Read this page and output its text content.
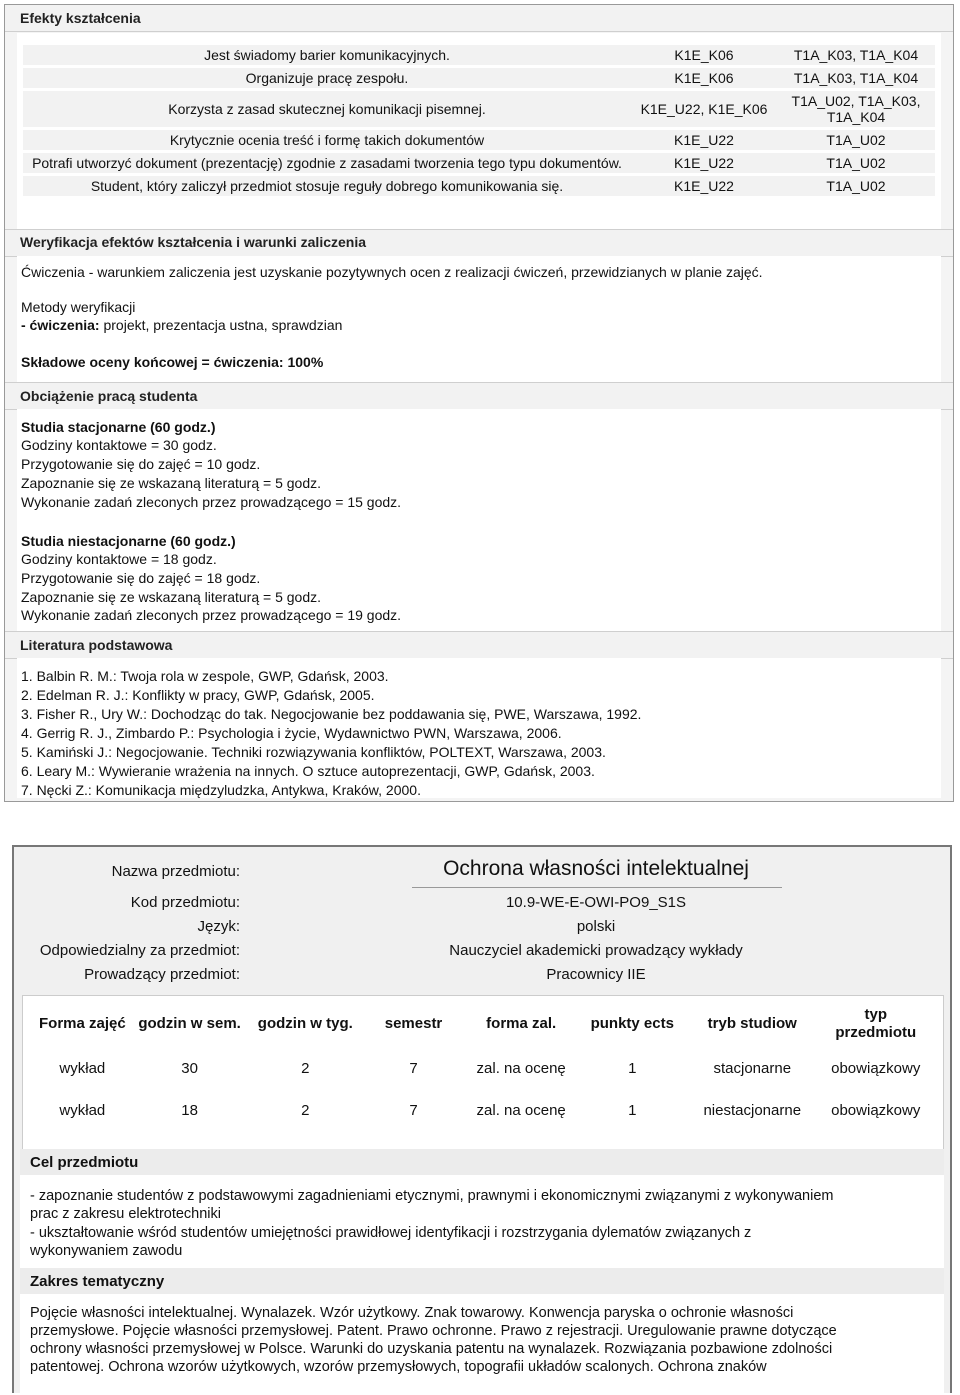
Efekty kształcenia
Jest świadomy barier komunikacyjnych.	K1E_K06	T1A_K03, T1A_K04
Organizuje pracę zespołu.	K1E_K06	T1A_K03, T1A_K04
Korzysta z zasad skutecznej komunikacji pisemnej.	K1E_U22, K1E_K06	T1A_U02, T1A_K03, T1A_K04
Krytycznie ocenia treść i formę takich dokumentów	K1E_U22	T1A_U02
Potrafi utworzyć dokument (prezentację) zgodnie z zasadami tworzenia tego typu dokumentów.	K1E_U22	T1A_U02
Student, który zaliczył przedmiot stosuje reguły dobrego komunikowania się.	K1E_U22	T1A_U02
Weryfikacja efektów kształcenia i warunki zaliczenia
Ćwiczenia - warunkiem zaliczenia jest uzyskanie pozytywnych ocen z realizacji ćwiczeń, przewidzianych w planie zajęć.
Metody weryfikacji
- ćwiczenia: projekt, prezentacja ustna, sprawdzian
Składowe oceny końcowej = ćwiczenia: 100%
Obciążenie pracą studenta
Studia stacjonarne (60 godz.)
Godziny kontaktowe = 30 godz.
Przygotowanie się do zajęć = 10 godz.
Zapoznanie się ze wskazaną literaturą = 5 godz.
Wykonanie zadań zleconych przez prowadzącego = 15 godz.
Studia niestacjonarne (60 godz.)
Godziny kontaktowe = 18 godz.
Przygotowanie się do zajęć = 18 godz.
Zapoznanie się ze wskazaną literaturą = 5 godz.
Wykonanie zadań zleconych przez prowadzącego = 19 godz.
Literatura podstawowa
1. Balbin R. M.: Twoja rola w zespole, GWP, Gdańsk, 2003.
2. Edelman R. J.: Konflikty w pracy, GWP, Gdańsk, 2005.
3. Fisher R., Ury W.: Dochodząc do tak. Negocjowanie bez poddawania się, PWE, Warszawa, 1992.
4. Gerrig R. J., Zimbardo P.: Psychologia i życie, Wydawnictwo PWN, Warszawa, 2006.
5. Kamiński J.: Negocjowanie. Techniki rozwiązywania konfliktów, POLTEXT, Warszawa, 2003.
6. Leary M.: Wywieranie wrażenia na innych. O sztuce autoprezentacji, GWP, Gdańsk, 2003.
7. Nęcki Z.: Komunikacja międzyludzka, Antykwa, Kraków, 2000.
Nazwa przedmiotu:	Ochrona własności intelektualnej
Kod przedmiotu:	10.9-WE-E-OWI-PO9_S1S
Język:	polski
Odpowiedzialny za przedmiot:	Nauczyciel akademicki prowadzący wykłady
Prowadzący przedmiot:	Pracownicy IIE
Forma zajęć	godzin w sem.	godzin w tyg.	semestr	forma zal.	punkty ects	tryb studiow	typ przedmiotu
wykład	30	2	7	zal. na ocenę	1	stacjonarne	obowiązkowy
wykład	18	2	7	zal. na ocenę	1	niestacjonarne	obowiązkowy
Cel przedmiotu
- zapoznanie studentów z podstawowymi zagadnieniami etycznymi, prawnymi i ekonomicznymi związanymi z wykonywaniem
prac z zakresu elektrotechniki
- ukształtowanie wśród studentów umiejętności prawidłowej identyfikacji i rozstrzygania dylematów związanych z
wykonywaniem zawodu
Zakres tematyczny
Pojęcie własności intelektualnej. Wynalazek. Wzór użytkowy. Znak towarowy. Konwencja paryska o ochronie własności
przemysłowe. Pojęcie własności przemysłowej. Patent. Prawo ochronne. Prawo z rejestracji. Uregulowanie prawne dotyczące
ochrony własności przemysłowej w Polsce. Warunki do uzyskania patentu na wynalazek. Rozwiązania pozbawione zdolności
patentowej. Ochrona wzorów użytkowych, wzorów przemysłowych, topografii układów scalonych. Ochrona znaków
